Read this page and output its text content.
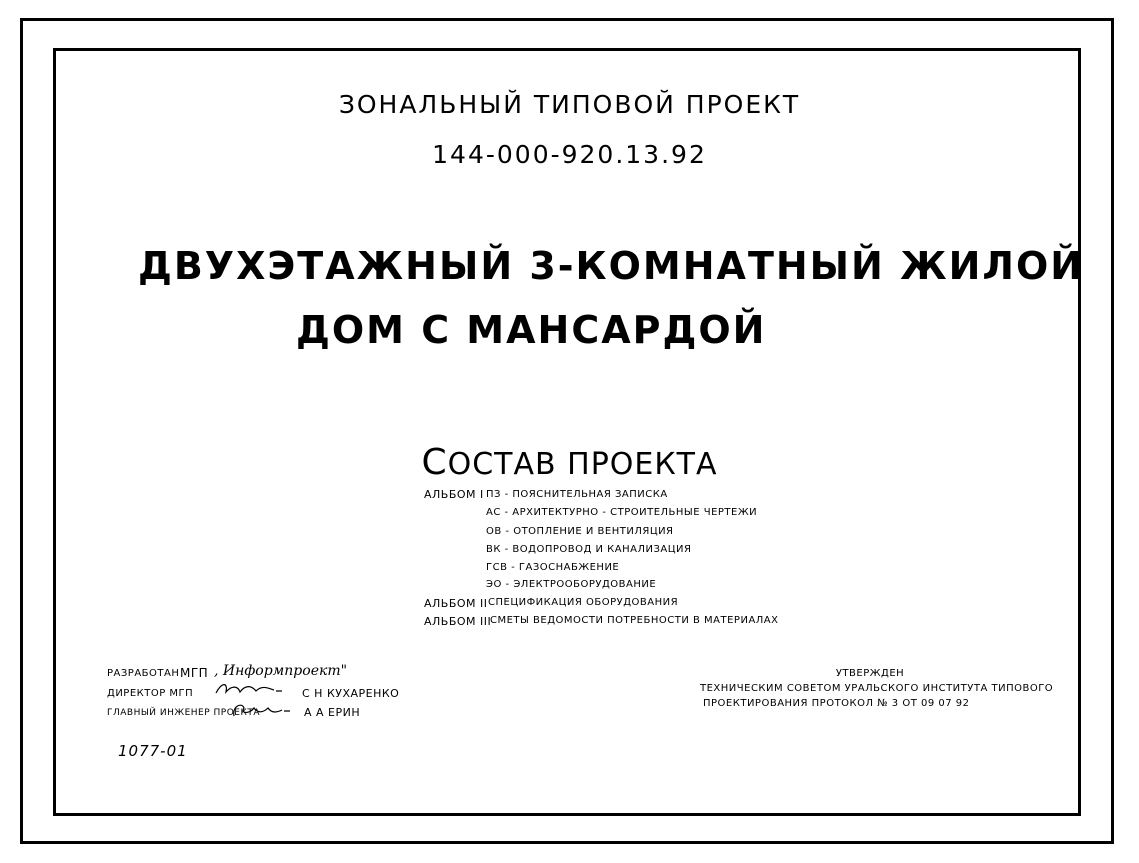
ЗОНАЛЬНЫЙ ТИПОВОЙ ПРОЕКТ
144-000-920.13.92
ДВУХЭТАЖНЫЙ 3-КОМНАТНЫЙ ЖИЛОЙ
ДОМ С МАНСАРДОЙ
СОСТАВ ПРОЕКТА
АЛЬБОМ I ПЗ - ПОЯСНИТЕЛЬНАЯ ЗАПИСКА
АС - АРХИТЕКТУРНО - СТРОИТЕЛЬНЫЕ ЧЕРТЕЖИ
ОВ - ОТОПЛЕНИЕ И ВЕНТИЛЯЦИЯ
ВК - ВОДОПРОВОД И КАНАЛИЗАЦИЯ
ГСВ - ГАЗОСНАБЖЕНИЕ
ЭО - ЭЛЕКТРООБОРУДОВАНИЕ
АЛЬБОМ II СПЕЦИФИКАЦИЯ ОБОРУДОВАНИЯ
АЛЬБОМ III
СМЕТЫ ВЕДОМОСТИ ПОТРЕБНОСТИ В МАТЕРИАЛАХ
РАЗРАБОТАН МГП , Информпроект"
ДИРЕКТОР МГП	С Н КУХАРЕНКО
ГЛАВНЫЙ ИНЖЕНЕР ПРОЕКТА	А А ЕРИН
1077-01
УТВЕРЖДЕН
ТЕХНИЧЕСКИМ СОВЕТОМ УРАЛЬСКОГО ИНСТИТУТА ТИПОВОГО
ПРОЕКТИРОВАНИЯ ПРОТОКОЛ № 3 ОТ 09 07 92
